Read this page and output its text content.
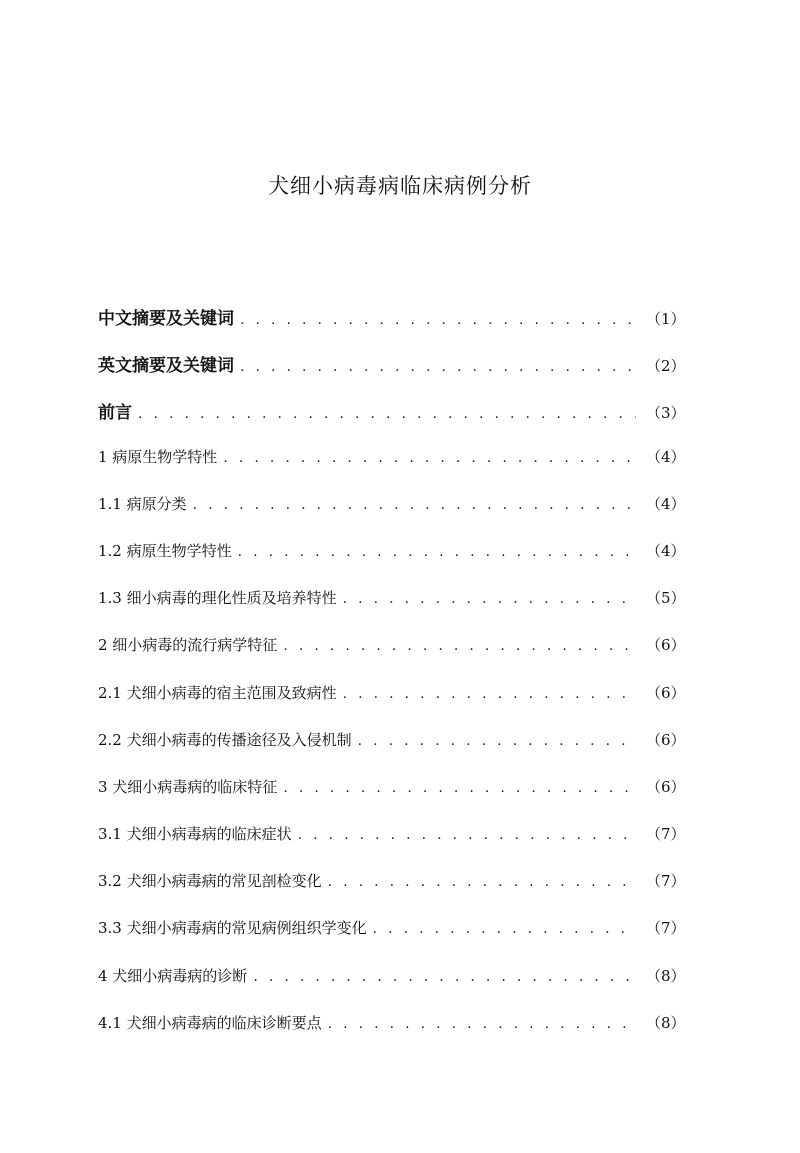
犬细小病毒病临床病例分析
中文摘要及关键词 . . .	（1）
英文摘要及关键词 . . .	（2）
前言 . . .	（3）
1 病原生物学特性 . . .	（4）
1.1 病原分类 . . .	（4）
1.2 病原生物学特性 . . .	（4）
1.3 细小病毒的理化性质及培养特性 . . .	（5）
2 细小病毒的流行病学特征 . . .	（6）
2.1 犬细小病毒的宿主范围及致病性 . . .	（6）
2.2 犬细小病毒的传播途径及入侵机制 . . .	（6）
3 犬细小病毒病的临床特征 . . .	（6）
3.1 犬细小病毒病的临床症状 . . .	（7）
3.2 犬细小病毒病的常见剖检变化 . . .	（7）
3.3 犬细小病毒病的常见病例组织学变化 . . .	（7）
4 犬细小病毒病的诊断 . . .	（8）
4.1 犬细小病毒病的临床诊断要点 . . .	（8）
